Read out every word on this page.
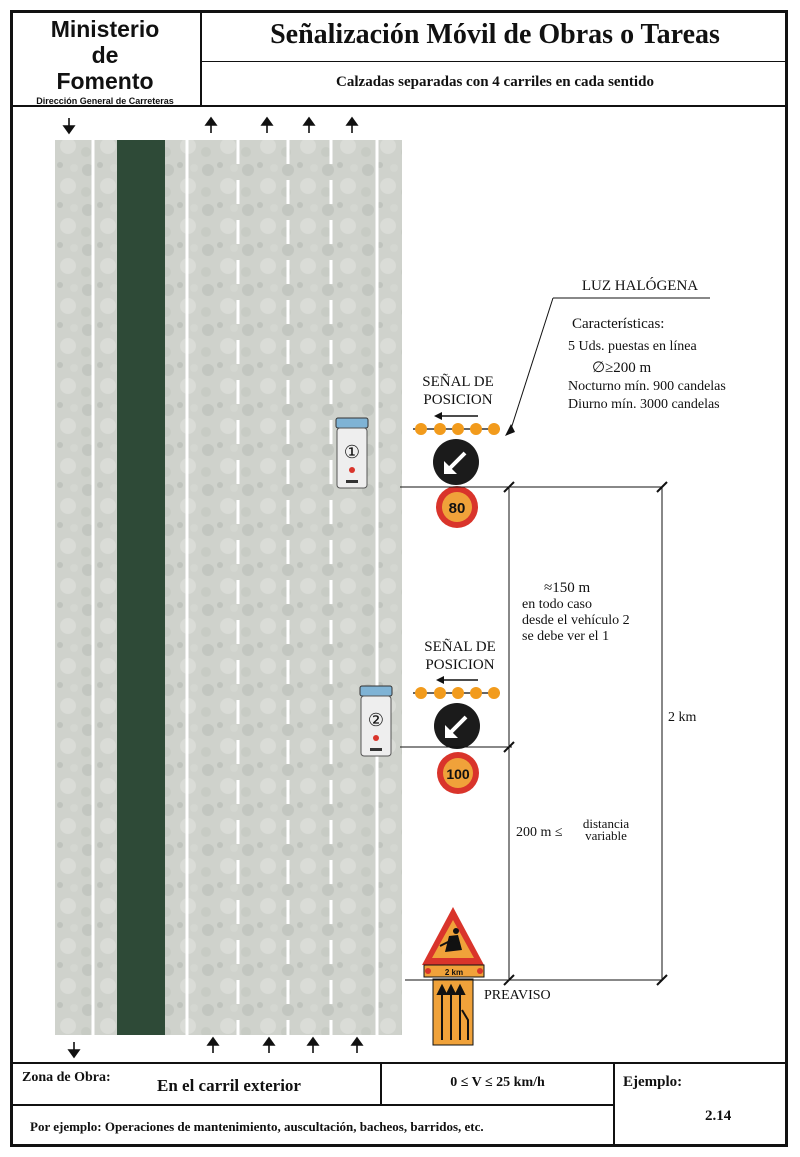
Ministerio
de
Fomento
Dirección General de Carreteras
Señalización Móvil de Obras o Tareas
Calzadas separadas con 4 carriles en cada sentido
①
②
LUZ HALÓGENA
Características:
5 Uds. puestas en línea
∅≥200 m
Nocturno mín. 900 candelas
Diurno mín. 3000 candelas
SEÑAL DE
POSICION
80
SEÑAL DE
POSICION
100
2 km
PREAVISO
≈150 m
en todo caso
desde el vehículo 2
se debe ver el 1
200 m ≤
distancia
variable
2 km
Zona de Obra:	En el carril exterior	0 ≤ V ≤ 25 km/h	Ejemplo:
2.14
Por ejemplo: Operaciones de mantenimiento, auscultación, bacheos, barridos, etc.
